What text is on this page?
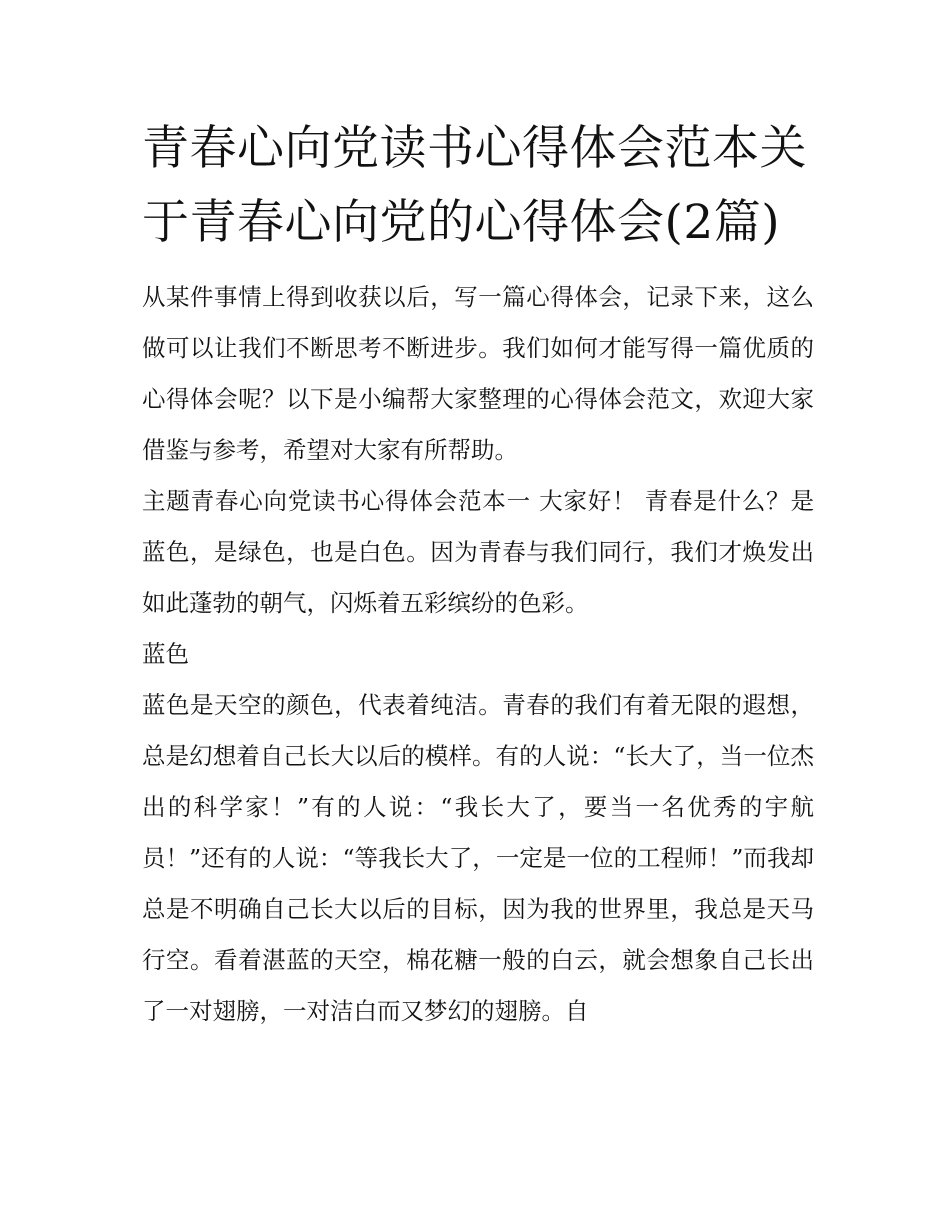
青春心向党读书心得体会范本关于青春心向党的心得体会(2篇)

从某件事情上得到收获以后，写一篇心得体会，记录下来，这么做可以让我们不断思考不断进步。我们如何才能写得一篇优质的心得体会呢？以下是小编帮大家整理的心得体会范文，欢迎大家借鉴与参考，希望对大家有所帮助。

主题青春心向党读书心得体会范本一 大家好！ 青春是什么？是蓝色，是绿色，也是白色。因为青春与我们同行，我们才焕发出如此蓬勃的朝气，闪烁着五彩缤纷的色彩。

蓝色

蓝色是天空的颜色，代表着纯洁。青春的我们有着无限的遐想，总是幻想着自己长大以后的模样。有的人说：“长大了，当一位杰出的科学家！”有的人说：“我长大了，要当一名优秀的宇航员！”还有的人说：“等我长大了，一定是一位的工程师！”而我却总是不明确自己长大以后的目标，因为我的世界里，我总是天马行空。看着湛蓝的天空，棉花糖一般的白云，就会想象自己长出了一对翅膀，一对洁白而又梦幻的翅膀。自
